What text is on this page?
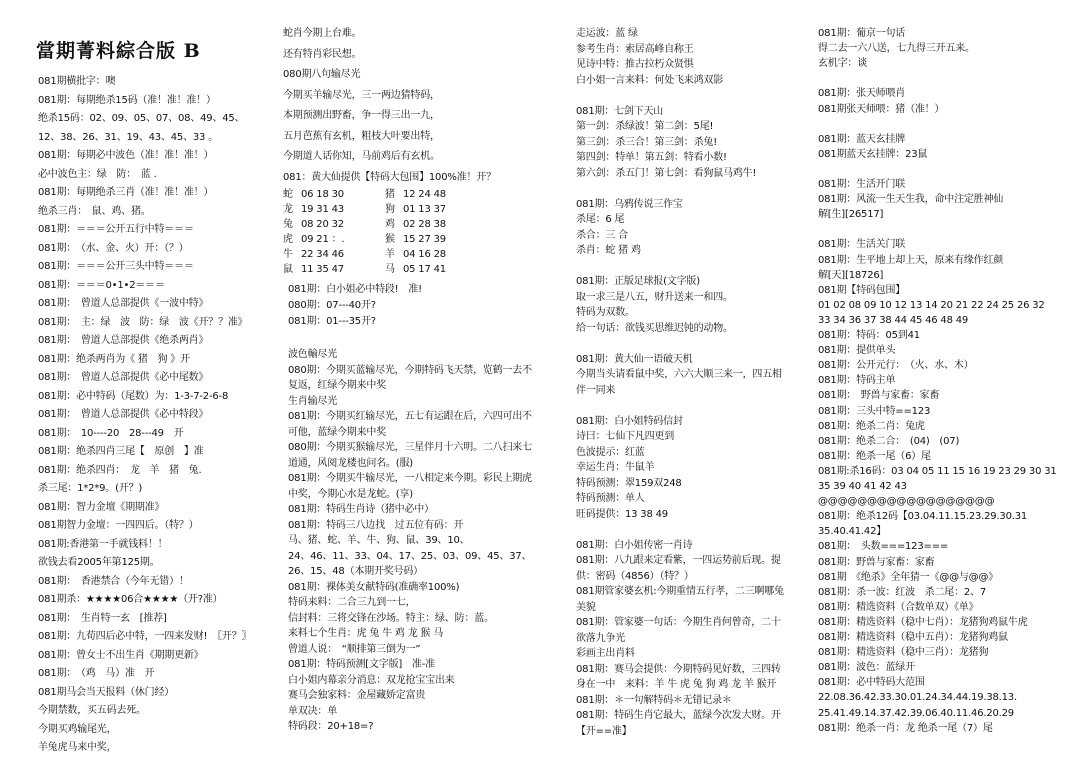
當期菁料綜合版 B
081期横批字：噢
081期：每期绝杀15码（准！准！准！）
绝杀15码：02、09、05、07、08、49、45、
12、38、26、31、19、43、45、33 。
081期：每期必中波色（准！准！准！）
必中波色主：绿　防：　蓝 .
081期：每期绝杀三肖（准！准！准！）
绝杀三肖：　鼠、鸡、猪。
081期：＝＝＝公开五行中特＝＝＝
081期：　（水、金、火）开：（？）
081期：＝＝＝公开三头中特＝＝＝
081期：＝＝＝0•1•2＝＝＝
081期：　曾道人总部提供《一波中特》
081期：　主：绿　波　防：绿　波《开？？准》
081期：　曾道人总部提供《绝杀两肖》
081期：绝杀两肖为《 猪　狗 》开
081期：　曾道人总部提供《必中尾数》
081期：必中特码（尾数）为：1-3-7-2-6-8
081期：　曾道人总部提供《必中特段》
081期：　10----20　28---49　开
081期：绝杀四肖三尾【　原创　】准
081期：绝杀四肖：　龙　羊　猪　兔.
杀三尾：1*2*9。(开？)
081期：智力金壇《期期准》
081期智力金壇：一四四后。（特？）
081期:香港第一手就钱料！！
欲钱去看2005年第125期。
081期：　香港禁合（今年无错）！
081期杀：★★★★06合★★★★（开?准）
081期：　生肖特一玄　[推荐]
081期：九荀四后必中特，一四来发财!　〖开？〗
081期：曾女士不出生肖《期期更新》
081期：　（鸡　马）准　开
081期马会当天报料（休门经）
今期禁数，买五码去死。
今期买鸡输尾光，
羊兔虎马来中奖，
蛇肖今期上台难。
还有特肖彩民想。
080期八句输尽光
今期买羊输尽光，三一两边猜特码，
本期预测出野畜，争一得三出一九，
五月芭蕉有玄机，粗枝大叶要出特，
今期道人话你知，马前鸡后有玄机。
081：黄大仙提供【特码大包围】100%准！开？
蛇 06 18 30	猪 12 24 48
龙 19 31 43	狗 01 13 37
兔 08 20 32	鸡 02 28 38
虎 09 21 ：.	猴 15 27 39
牛 22 34 46	羊 04 16 28
鼠 11 35 47	马 05 17 41
081期：白小姐必中特段!　准!
080期：07---40开?
081期：01---35开?
波色輸尽光
080期：今期买蓝输尽光，今期特码飞天禁，览鹤一去不
复返，红绿今期来中奖
生肖输尽光
081期：今期买红输尽光，五七有运跟在后，六四可出不
可他，蓝绿今期来中奖
080期：今期买猴输尽光，三星伴月十六明。二八扫来七
道通，风阅龙楼也问名。(服)
081期：今期买牛输尽光，一八相定来今期。彩民上期虎
中奖，今期心水是龙蛇。(享)
081期：特码生肖诗（猪中必中）
081期：特码三八边找　过五位有码：开
马、猪、蛇、羊、牛、狗、鼠、39、10、
24、46、11、33、04、17、25、03、09、45、37、
26、15、48（本期开奖号码）
081期：裸体美女献特码(准确率100%)
特码来料：二合三九到一七，
信封料：三将交锋在沙场。特主：绿、防：蓝。
来料七个生肖：虎 兔 牛 鸡 龙 猴 马
曾道人说：　“顺排第三倒为一”
081期：特码预测[文字版]　准-准
白小姐内幕亲分消息：双龙抢宝宝出来
赛马会独家料：金屋藏娇定富贵
单双决：单
特码段：20+18=?
走运波：蓝 绿
参考生肖：索居高峰自称王
见诗中特：推古拉朽众贤惧
白小姐一言来料：何处飞来鸿双影
081期：七剑下天山
第一剑：杀绿波！第二剑：5尾!
第三剑：杀三合！第三剑：杀兔!
第四剑：特单！第五剑：特看小数!
第六剑：杀五门！第七剑：看狗鼠马鸡牛!
081期：乌鸦传说三作宝
杀尾：6 尾
杀合：三 合
杀肖：蛇 猪 鸡
081期：正版足球报(文字版)
取一求三是八五，财升送来一和四。
特码为双数。
给一句话：欲钱买思维迟钝的动物。
081期：黄大仙一语破天机
今期当头请看鼠中奖，六六大顺三来一，四五相
伴一同来
081期：白小姐特码信封
诗曰：七仙下凡四更到
色波提示：红蓝
幸运生肖：牛鼠羊
特码预测：翠159双248
特码预测：单人
旺码提供：13 38 49
081期：白小姐传密一肖诗
081期：八九跟来定看紫，一四运势前后现。提
供：密码（4856）（特？）
081期管家婆玄机:今期重情五行孝，二三啊哪兔
美貌
081期：管家婆一句话：今期生肖何曾奇，二十
欲落九争光
彩画主出肖料
081期：赛马会提供：今期特码见好数，三四转
身在一中　来料：羊 牛 虎 兔 狗 鸡 龙 羊 猴开
081期：＊一句解特码＊无错记录＊
081期：特码生肖它最大，蓝绿今次发大财。开
【开==准】
081期：葡京一句话
得二去一六八送，七九得三开五来。
玄机字：谈
081期：张天师喂肖
081期张天师喂：猪（准！）
081期：蓝天玄挂牌
081期蓝天玄挂牌：23鼠
081期：生活开门联
081期：风流一生天生我，命中注定胜神仙
解[生][26517]
081期：生活关门联
081期：生平地上却上天，原来有缘作红颜
解[天][18726]
081期【特码包围】
01 02 08 09 10 12 13 14 20 21 22 24 25 26 32
33 34 36 37 38 44 45 46 48 49
081期：特码：05到41
081期：提供单头
081期：公开元行：　（火、水、木）
081期：特码主单
081期：　野兽与家畜：家畜
081期：三头中特==123
081期：绝杀二肖：兔虎
081期：绝杀二合：　(04)　(07)
081期：绝杀一尾（6）尾
081期:杀16码：03 04 05 11 15 16 19 23 29 30 31
35 39 40 41 42 43
@@@@@@@@@@@@@@@@@@
081期：绝杀12码【03.04.11.15.23.29.30.31
35.40.41.42】
081期：　头数===123===
081期：野兽与家畜：家畜
081期　《绝杀》全年猜一《@@与@@》
081期：杀一波：红波　杀二尾：2、7
081期：精选资料（合数单双）《单》
081期：精选资料（稳中七肖）：龙猪狗鸡鼠牛虎
081期：精选资料（稳中五肖）：龙猪狗鸡鼠
081期：精选资料（稳中三肖）：龙猪狗
081期：波色：蓝绿开
081期：必中特码大范围
22.08.36.42.33.30.01.24.34.44.19.38.13.
25.41.49.14.37.42.39.06.40.11.46.20.29
081期：绝杀一肖：龙 绝杀一尾（7）尾
